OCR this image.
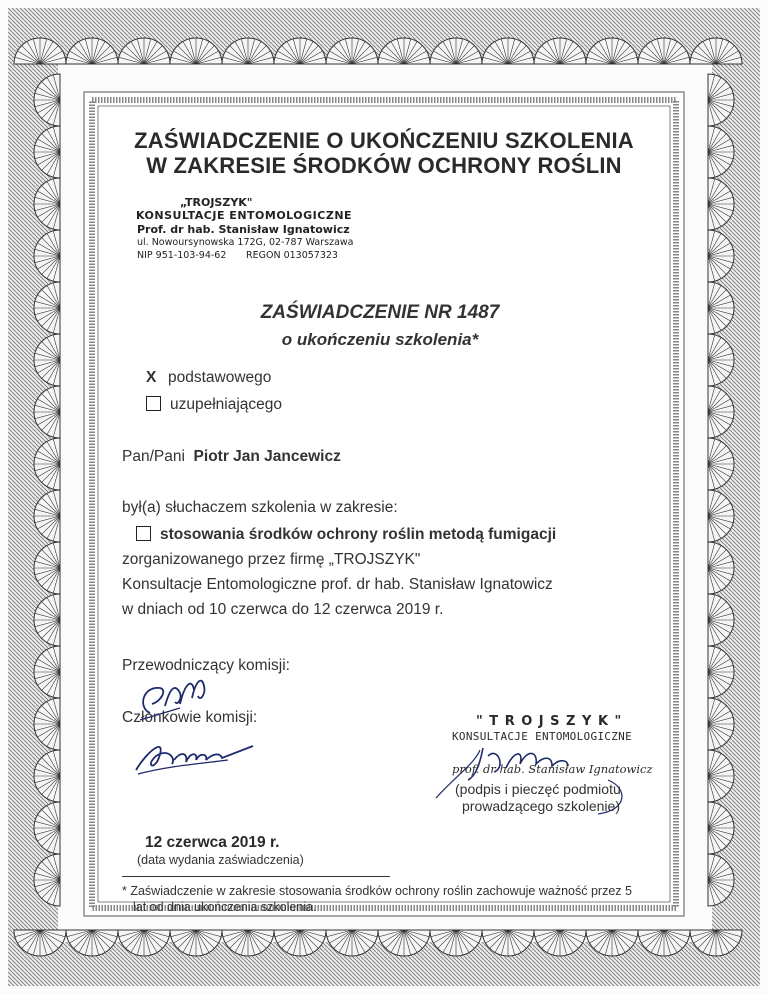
ZAŚWIADCZENIE O UKOŃCZENIU SZKOLENIA
W ZAKRESIE ŚRODKÓW OCHRONY ROŚLIN
„TROJSZYK"
KONSULTACJE ENTOMOLOGICZNE
Prof. dr hab. Stanisław Ignatowicz
ul. Nowoursynowska 172G, 02-787 Warszawa
NIP 951-103-94-62 REGON 013057323
ZAŚWIADCZENIE NR 1487
o ukończeniu szkolenia*
X podstawowego
uzupełniającego
Pan/Pani Piotr Jan Jancewicz
był(a) słuchaczem szkolenia w zakresie:
stosowania środków ochrony roślin metodą fumigacji
zorganizowanego przez firmę „TROJSZYK"
Konsultacje Entomologiczne prof. dr hab. Stanisław Ignatowicz
w dniach od 10 czerwca do 12 czerwca 2019 r.
Przewodniczący komisji:
Członkowie komisji:	" T R O J S Z Y K "
KONSULTACJE ENTOMOLOGICZNE
prof. dr hab. Stanisław Ignatowicz
(podpis i pieczęć podmiotu
prowadzącego szkolenie)
12 czerwca 2019 r.
(data wydania zaświadczenia)
* Zaświadczenie w zakresie stosowania środków ochrony roślin zachowuje ważność przez 5
lat od dnia ukończenia szkolenia.
